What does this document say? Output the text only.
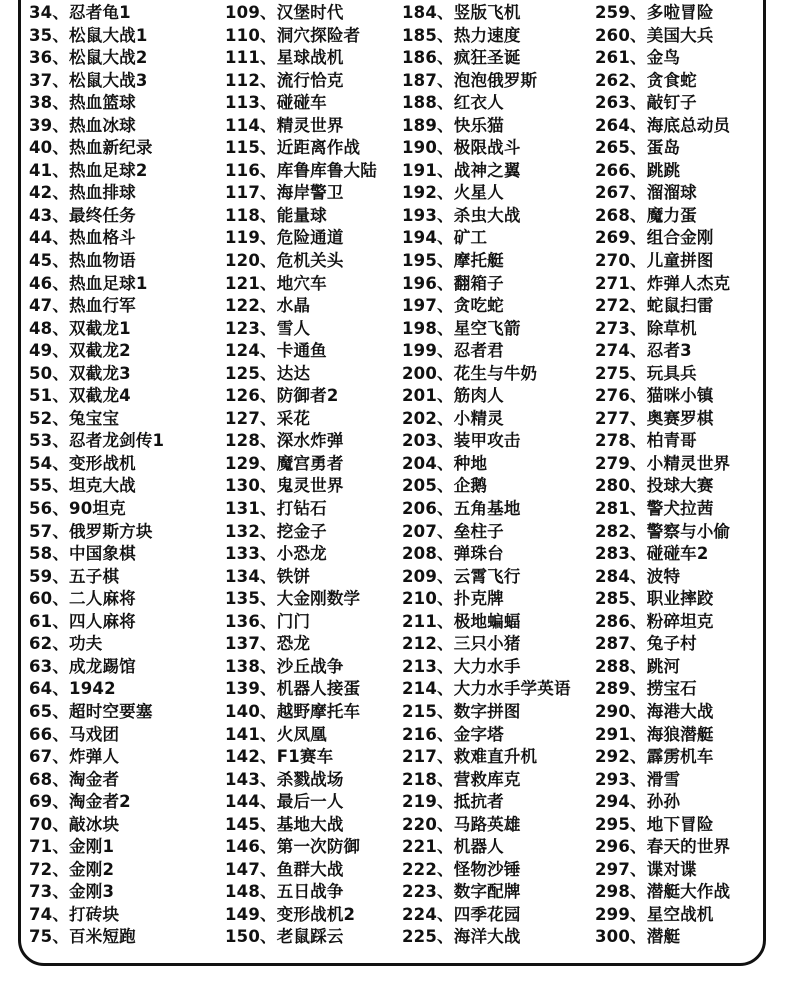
34、忍者龟1
35、松鼠大战1
36、松鼠大战2
37、松鼠大战3
38、热血篮球
39、热血冰球
40、热血新纪录
41、热血足球2
42、热血排球
43、最终任务
44、热血格斗
45、热血物语
46、热血足球1
47、热血行军
48、双截龙1
49、双截龙2
50、双截龙3
51、双截龙4
52、兔宝宝
53、忍者龙剑传1
54、变形战机
55、坦克大战
56、90坦克
57、俄罗斯方块
58、中国象棋
59、五子棋
60、二人麻将
61、四人麻将
62、功夫
63、成龙踢馆
64、1942
65、超时空要塞
66、马戏团
67、炸弹人
68、淘金者
69、淘金者2
70、敲冰块
71、金刚1
72、金刚2
73、金刚3
74、打砖块
75、百米短跑
109、汉堡时代
110、洞穴探险者
111、星球战机
112、流行恰克
113、碰碰车
114、精灵世界
115、近距离作战
116、库鲁库鲁大陆
117、海岸警卫
118、能量球
119、危险通道
120、危机关头
121、地穴车
122、水晶
123、雪人
124、卡通鱼
125、达达
126、防御者2
127、采花
128、深水炸弹
129、魔宫勇者
130、鬼灵世界
131、打钻石
132、挖金子
133、小恐龙
134、铁饼
135、大金刚数学
136、门门
137、恐龙
138、沙丘战争
139、机器人接蛋
140、越野摩托车
141、火凤凰
142、F1赛车
143、杀戮战场
144、最后一人
145、基地大战
146、第一次防御
147、鱼群大战
148、五日战争
149、变形战机2
150、老鼠踩云
184、竖版飞机
185、热力速度
186、疯狂圣诞
187、泡泡俄罗斯
188、红衣人
189、快乐猫
190、极限战斗
191、战神之翼
192、火星人
193、杀虫大战
194、矿工
195、摩托艇
196、翻箱子
197、贪吃蛇
198、星空飞箭
199、忍者君
200、花生与牛奶
201、筋肉人
202、小精灵
203、装甲攻击
204、种地
205、企鹅
206、五角基地
207、垒柱子
208、弹珠台
209、云霄飞行
210、扑克牌
211、极地蝙蝠
212、三只小猪
213、大力水手
214、大力水手学英语
215、数字拼图
216、金字塔
217、救难直升机
218、营救库克
219、抵抗者
220、马路英雄
221、机器人
222、怪物沙锤
223、数字配牌
224、四季花园
225、海洋大战
259、多啦冒险
260、美国大兵
261、金鸟
262、贪食蛇
263、敲钉子
264、海底总动员
265、蛋岛
266、跳跳
267、溜溜球
268、魔力蛋
269、组合金刚
270、儿童拼图
271、炸弹人杰克
272、蛇鼠扫雷
273、除草机
274、忍者3
275、玩具兵
276、猫咪小镇
277、奥赛罗棋
278、柏青哥
279、小精灵世界
280、投球大赛
281、警犬拉茜
282、警察与小偷
283、碰碰车2
284、波特
285、职业摔跤
286、粉碎坦克
287、兔子村
288、跳河
289、捞宝石
290、海港大战
291、海狼潜艇
292、霹雳机车
293、滑雪
294、孙孙
295、地下冒险
296、春天的世界
297、谍对谍
298、潜艇大作战
299、星空战机
300、潜艇
